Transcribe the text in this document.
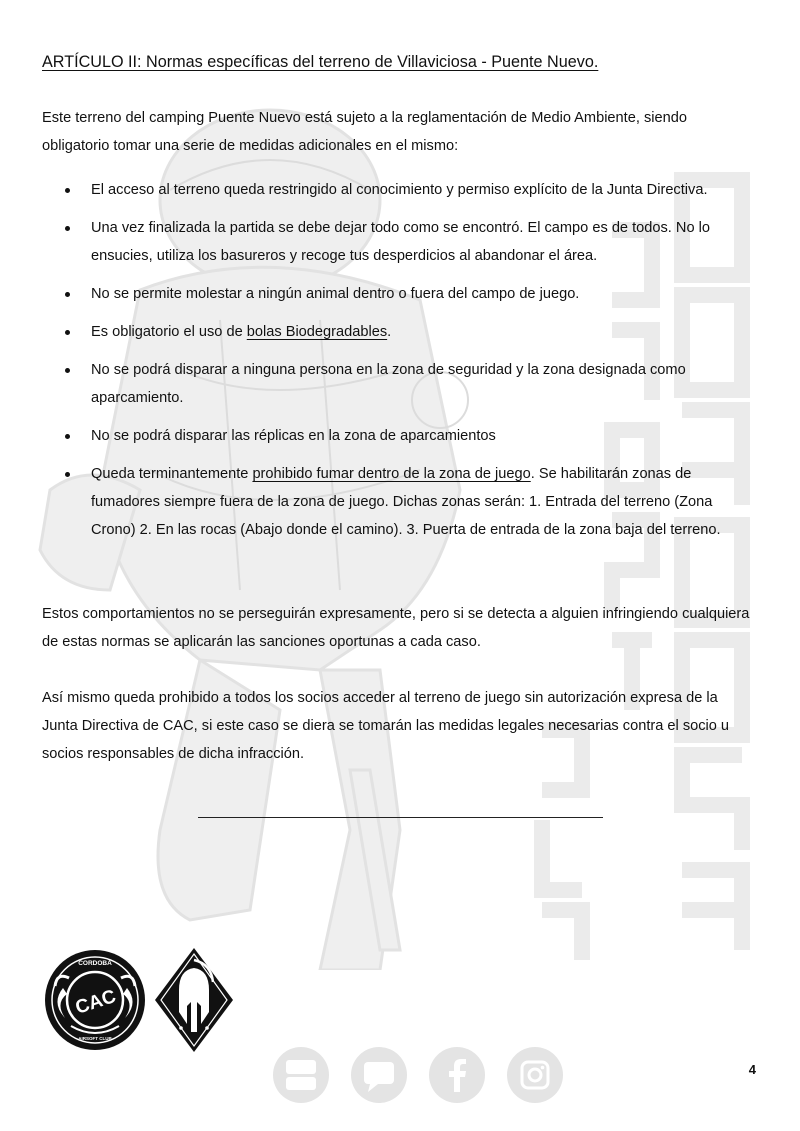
ARTÍCULO II: Normas específicas del terreno de Villaviciosa - Puente Nuevo.

Este terreno del camping Puente Nuevo está sujeto a la reglamentación de Medio Ambiente, siendo obligatorio tomar una serie de medidas adicionales en el mismo:

El acceso al terreno queda restringido al conocimiento y permiso explícito de la Junta Directiva.
Una vez finalizada la partida se debe dejar todo como se encontró. El campo es de todos. No lo ensucies, utiliza los basureros y recoge tus desperdicios al abandonar el área.
No se permite molestar a ningún animal dentro o fuera del campo de juego.
Es obligatorio el uso de bolas Biodegradables.
No se podrá disparar a ninguna persona en la zona de seguridad y la zona designada como aparcamiento.
No se podrá disparar las réplicas en la zona de aparcamientos
Queda terminantemente prohibido fumar dentro de la zona de juego. Se habilitarán zonas de fumadores siempre fuera de la zona de juego. Dichas zonas serán: 1. Entrada del terreno (Zona Crono) 2. En las rocas (Abajo donde el camino). 3. Puerta de entrada de la zona baja del terreno.

Estos comportamientos no se perseguirán expresamente, pero si se detecta a alguien infringiendo cualquiera de estas normas se aplicarán las sanciones oportunas a cada caso.

Así mismo queda prohibido a todos los socios acceder al terreno de juego sin autorización expresa de la Junta Directiva de CAC, si este caso se diera se tomarán las medidas legales necesarias contra el socio u socios responsables de dicha infracción.

CORDOBA
CAC
AIRSOFT CLUB
4
